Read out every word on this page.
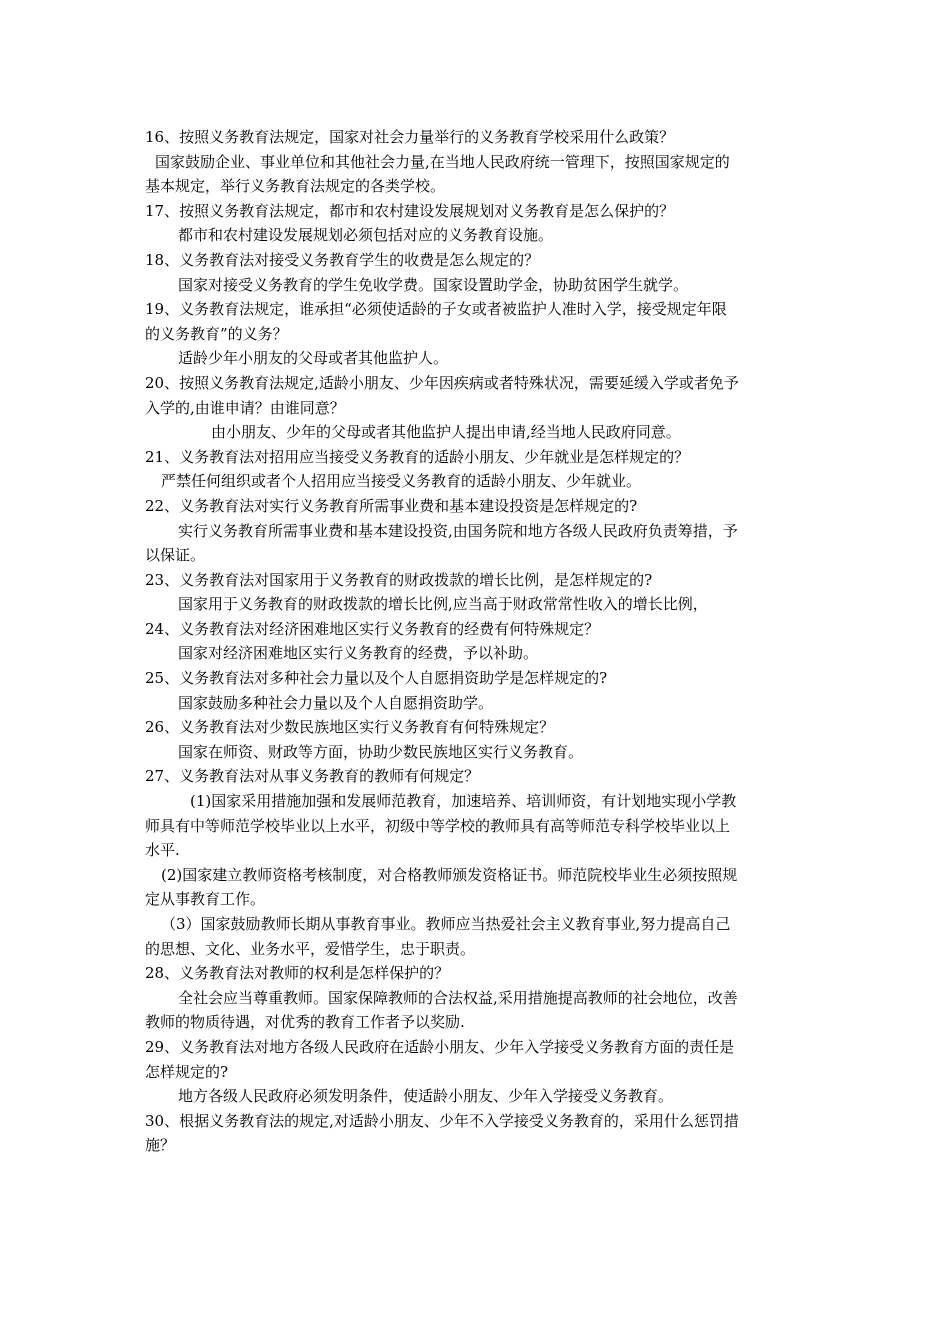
16、按照义务教育法规定，国家对社会力量举行的义务教育学校采用什么政策？
国家鼓励企业、事业单位和其他社会力量,在当地人民政府统一管理下，按照国家规定的
基本规定，举行义务教育法规定的各类学校。
17、按照义务教育法规定，都市和农村建设发展规划对义务教育是怎么保护的？
都市和农村建设发展规划必须包括对应的义务教育设施。
18、义务教育法对接受义务教育学生的收费是怎么规定的？
国家对接受义务教育的学生免收学费。国家设置助学金，协助贫困学生就学。
19、义务教育法规定，谁承担“必须使适龄的子女或者被监护人准时入学，接受规定年限
的义务教育”的义务？
适龄少年小朋友的父母或者其他监护人。
20、按照义务教育法规定,适龄小朋友、少年因疾病或者特殊状况，需要延缓入学或者免予
入学的,由谁申请？由谁同意？
由小朋友、少年的父母或者其他监护人提出申请,经当地人民政府同意。
21、义务教育法对招用应当接受义务教育的适龄小朋友、少年就业是怎样规定的？
严禁任何组织或者个人招用应当接受义务教育的适龄小朋友、少年就业。
22、义务教育法对实行义务教育所需事业费和基本建设投资是怎样规定的?
实行义务教育所需事业费和基本建设投资,由国务院和地方各级人民政府负责筹措，予
以保证。
23、义务教育法对国家用于义务教育的财政拨款的增长比例，是怎样规定的?
国家用于义务教育的财政拨款的增长比例,应当高于财政常常性收入的增长比例，
24、义务教育法对经济困难地区实行义务教育的经费有何特殊规定？
国家对经济困难地区实行义务教育的经费，予以补助。
25、义务教育法对多种社会力量以及个人自愿捐资助学是怎样规定的?
国家鼓励多种社会力量以及个人自愿捐资助学。
26、义务教育法对少数民族地区实行义务教育有何特殊规定？
国家在师资、财政等方面，协助少数民族地区实行义务教育。
27、义务教育法对从事义务教育的教师有何规定？
(1)国家采用措施加强和发展师范教育，加速培养、培训师资，有计划地实现小学教
师具有中等师范学校毕业以上水平，初级中等学校的教师具有高等师范专科学校毕业以上
水平.
(2)国家建立教师资格考核制度，对合格教师颁发资格证书。师范院校毕业生必须按照规
定从事教育工作。
（3）国家鼓励教师长期从事教育事业。教师应当热爱社会主义教育事业,努力提高自己
的思想、文化、业务水平，爱惜学生，忠于职责。
28、义务教育法对教师的权利是怎样保护的？
全社会应当尊重教师。国家保障教师的合法权益,采用措施提高教师的社会地位，改善
教师的物质待遇，对优秀的教育工作者予以奖励.
29、义务教育法对地方各级人民政府在适龄小朋友、少年入学接受义务教育方面的责任是
怎样规定的?
地方各级人民政府必须发明条件，使适龄小朋友、少年入学接受义务教育。
30、根据义务教育法的规定,对适龄小朋友、少年不入学接受义务教育的，采用什么惩罚措
施？
